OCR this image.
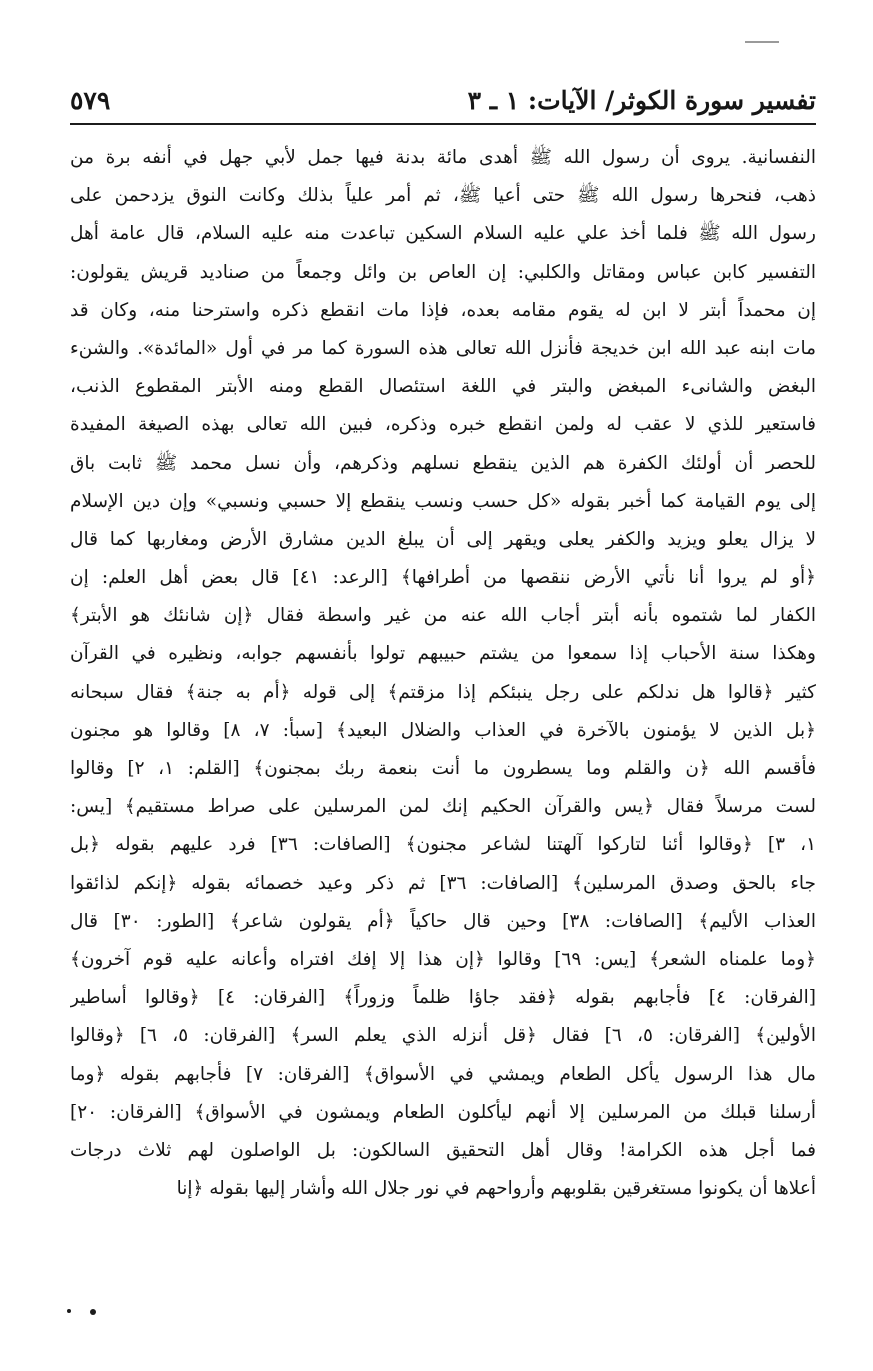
تفسير سورة الكوثر/ الآيات: ١ ـ ٣
٥٧٩
النفسانية. يروى أن رسول الله ﷺ أهدى مائة بدنة فيها جمل لأبي جهل في أنفه برة من
ذهب، فنحرها رسول الله ﷺ حتى أعيا ﷺ، ثم أمر علياً بذلك وكانت النوق يزدحمن على
رسول الله ﷺ فلما أخذ علي عليه السلام السكين تباعدت منه عليه السلام، قال عامة أهل
التفسير كابن عباس ومقاتل والكلبي: إن العاص بن وائل وجمعاً من صناديد قريش يقولون:
إن محمداً أبتر لا ابن له يقوم مقامه بعده، فإذا مات انقطع ذكره واسترحنا منه، وكان قد
مات ابنه عبد الله ابن خديجة فأنزل الله تعالى هذه السورة كما مر في أول «المائدة». والشنء
البغض والشانىء المبغض والبتر في اللغة استئصال القطع ومنه الأبتر المقطوع الذنب،
فاستعير للذي لا عقب له ولمن انقطع خبره وذكره، فبين الله تعالى بهذه الصيغة المفيدة
للحصر أن أولئك الكفرة هم الذين ينقطع نسلهم وذكرهم، وأن نسل محمد ﷺ ثابت باق
إلى يوم القيامة كما أخبر بقوله «كل حسب ونسب ينقطع إلا حسبي ونسبي» وإن دين الإسلام
لا يزال يعلو ويزيد والكفر يعلى ويقهر إلى أن يبلغ الدين مشارق الأرض ومغاربها كما قال
﴿أو لم يروا أنا نأتي الأرض ننقصها من أطرافها﴾ [الرعد: ٤١] قال بعض أهل العلم: إن
الكفار لما شتموه بأنه أبتر أجاب الله عنه من غير واسطة فقال ﴿إن شانئك هو الأبتر﴾
وهكذا سنة الأحباب إذا سمعوا من يشتم حبيبهم تولوا بأنفسهم جوابه، ونظيره في القرآن
كثير ﴿قالوا هل ندلكم على رجل ينبئكم إذا مزقتم﴾ إلى قوله ﴿أم به جنة﴾ فقال سبحانه
﴿بل الذين لا يؤمنون بالآخرة في العذاب والضلال البعيد﴾ [سبأ: ٧، ٨] وقالوا هو مجنون
فأقسم الله ﴿ن والقلم وما يسطرون ما أنت بنعمة ربك بمجنون﴾ [القلم: ١، ٢] وقالوا
لست مرسلاً فقال ﴿يس والقرآن الحكيم إنك لمن المرسلين على صراط مستقيم﴾ [يس:
١، ٣] ﴿وقالوا أئنا لتاركوا آلهتنا لشاعر مجنون﴾ [الصافات: ٣٦] فرد عليهم بقوله ﴿بل
جاء بالحق وصدق المرسلين﴾ [الصافات: ٣٦] ثم ذكر وعيد خصمائه بقوله ﴿إنكم لذائقوا
العذاب الأليم﴾ [الصافات: ٣٨] وحين قال حاكياً ﴿أم يقولون شاعر﴾ [الطور: ٣٠] قال
﴿وما علمناه الشعر﴾ [يس: ٦٩] وقالوا ﴿إن هذا إلا إفك افتراه وأعانه عليه قوم آخرون﴾
[الفرقان: ٤] فأجابهم بقوله ﴿فقد جاؤا ظلماً وزوراً﴾ [الفرقان: ٤] ﴿وقالوا أساطير
الأولين﴾ [الفرقان: ٥، ٦] فقال ﴿قل أنزله الذي يعلم السر﴾ [الفرقان: ٥، ٦] ﴿وقالوا
مال هذا الرسول يأكل الطعام ويمشي في الأسواق﴾ [الفرقان: ٧] فأجابهم بقوله ﴿وما
أرسلنا قبلك من المرسلين إلا أنهم ليأكلون الطعام ويمشون في الأسواق﴾ [الفرقان: ٢٠]
فما أجل هذه الكرامة! وقال أهل التحقيق السالكون: بل الواصلون لهم ثلاث درجات
أعلاها أن يكونوا مستغرقين بقلوبهم وأرواحهم في نور جلال الله وأشار إليها بقوله ﴿إنا
